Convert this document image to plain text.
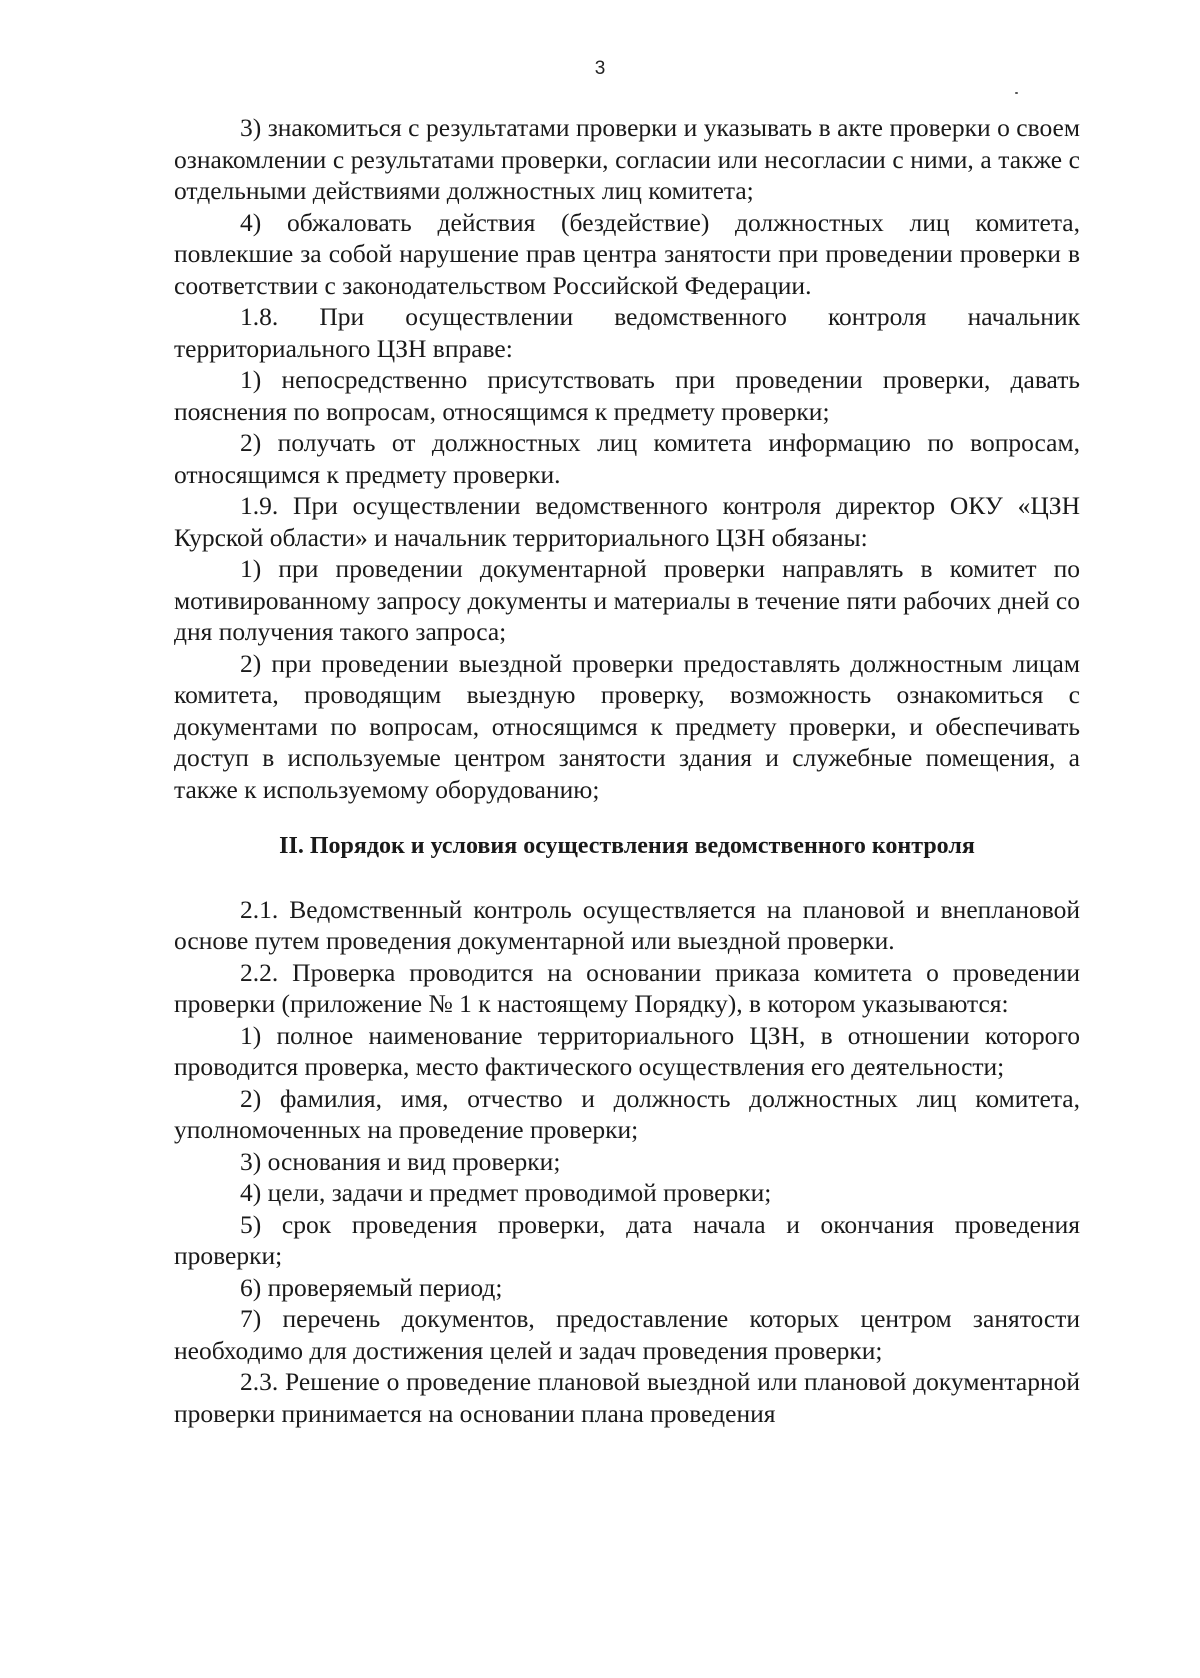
3

3) знакомиться с результатами проверки и указывать в акте проверки о своем ознакомлении с результатами проверки, согласии или несогласии с ними, а также с отдельными действиями должностных лиц комитета;

4) обжаловать действия (бездействие) должностных лиц комитета, повлекшие за собой нарушение прав центра занятости при проведении проверки в соответствии с законодательством Российской Федерации.

1.8. При осуществлении ведомственного контроля начальник территориального ЦЗН вправе:

1) непосредственно присутствовать при проведении проверки, давать пояснения по вопросам, относящимся к предмету проверки;

2) получать от должностных лиц комитета информацию по вопросам, относящимся к предмету проверки.

1.9. При осуществлении ведомственного контроля директор ОКУ «ЦЗН Курской области» и начальник территориального ЦЗН обязаны:

1) при проведении документарной проверки направлять в комитет по мотивированному запросу документы и материалы в течение пяти рабочих дней со дня получения такого запроса;

2) при проведении выездной проверки предоставлять должностным лицам комитета, проводящим выездную проверку, возможность ознакомиться с документами по вопросам, относящимся к предмету проверки, и обеспечивать доступ в используемые центром занятости здания и служебные помещения, а также к используемому оборудованию;

II. Порядок и условия осуществления ведомственного контроля

2.1. Ведомственный контроль осуществляется на плановой и внеплановой основе путем проведения документарной или выездной проверки.

2.2. Проверка проводится на основании приказа комитета о проведении проверки (приложение № 1 к настоящему Порядку), в котором указываются:

1) полное наименование территориального ЦЗН, в отношении которого проводится проверка, место фактического осуществления его деятельности;

2) фамилия, имя, отчество и должность должностных лиц комитета, уполномоченных на проведение проверки;

3) основания и вид проверки;

4) цели, задачи и предмет проводимой проверки;

5) срок проведения проверки, дата начала и окончания проведения проверки;

6) проверяемый период;

7) перечень документов, предоставление которых центром занятости необходимо для достижения целей и задач проведения проверки;

2.3. Решение о проведение плановой выездной или плановой документарной проверки принимается на основании плана проведения
